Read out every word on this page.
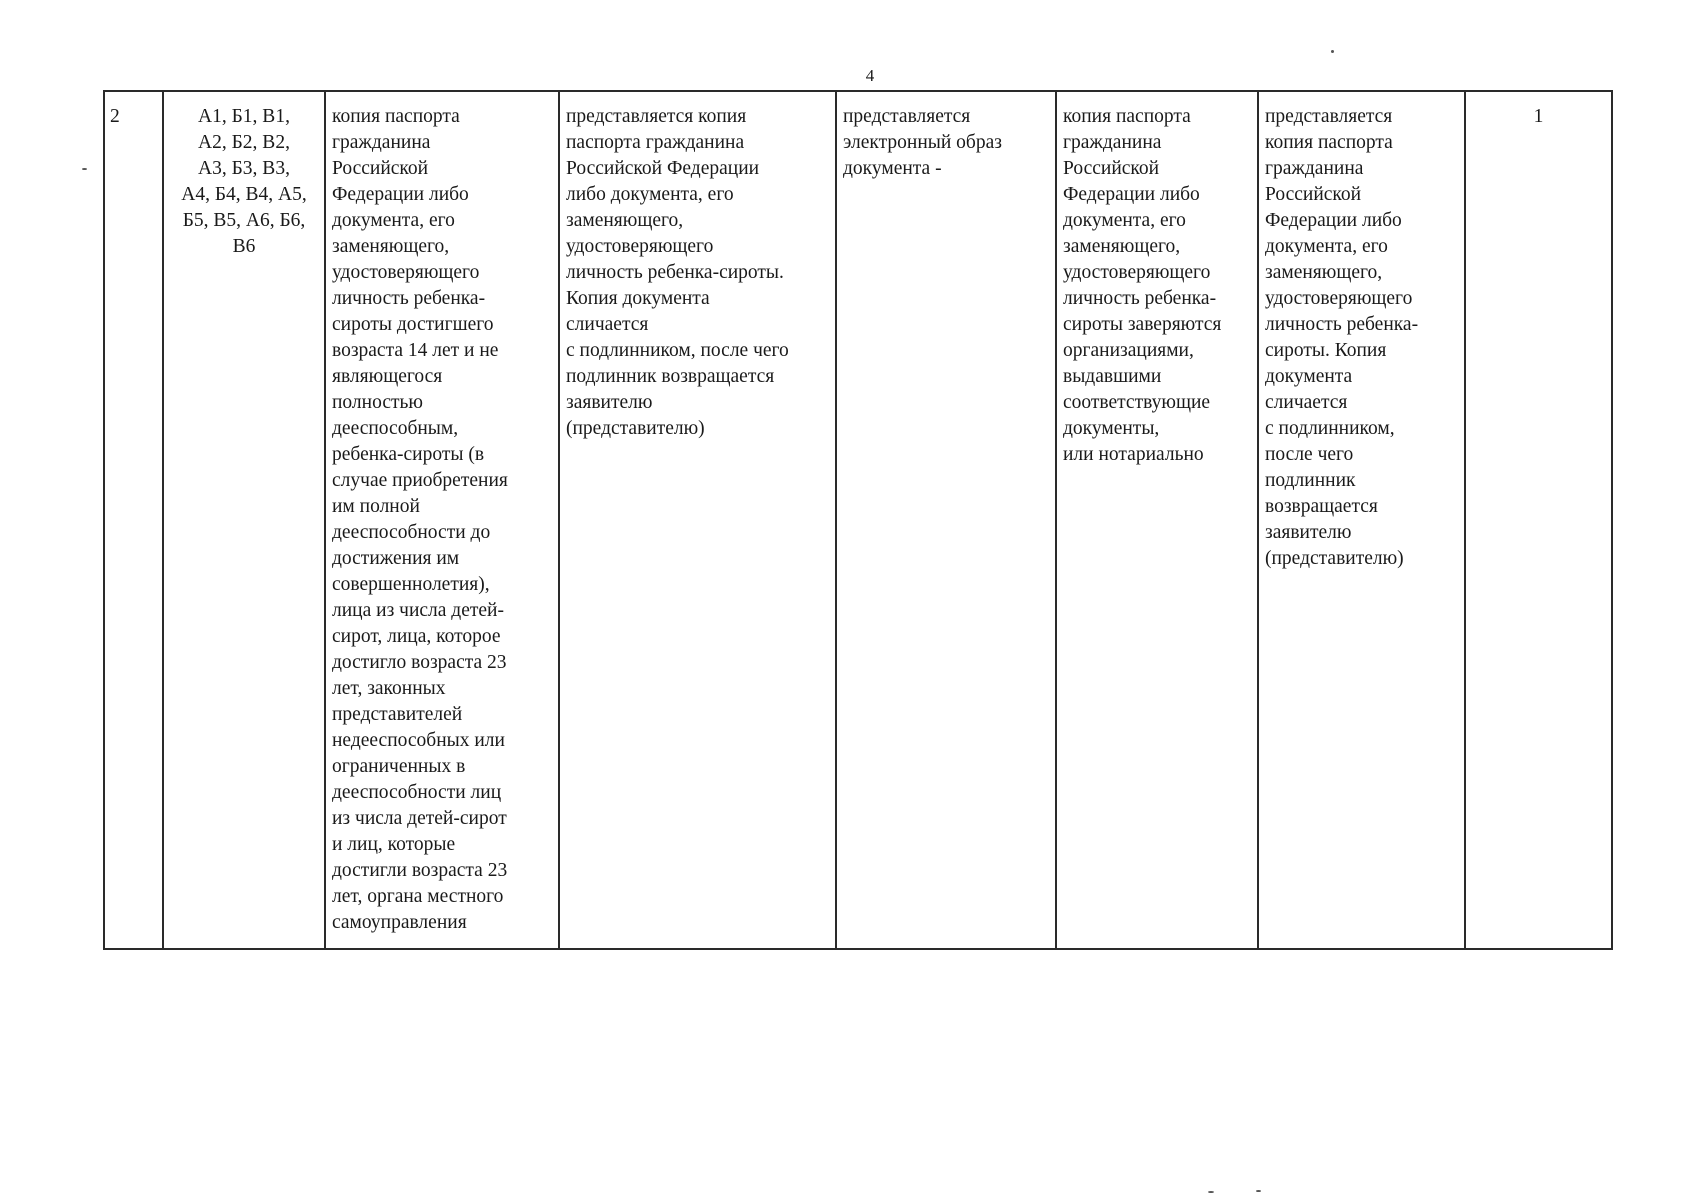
4
2	А1, Б1, В1,
А2, Б2, В2,
А3, Б3, В3,
А4, Б4, В4, А5,
Б5, В5, А6, Б6,
В6	копия паспорта
гражданина
Российской
Федерации либо
документа, его
заменяющего,
удостоверяющего
личность ребенка-
сироты достигшего
возраста 14 лет и не
являющегося
полностью
дееспособным,
ребенка-сироты (в
случае приобретения
им полной
дееспособности до
достижения им
совершеннолетия),
лица из числа детей-
сирот, лица, которое
достигло возраста 23
лет, законных
представителей
недееспособных или
ограниченных в
дееспособности лиц
из числа детей-сирот
и лиц, которые
достигли возраста 23
лет, органа местного
самоуправления	представляется копия
паспорта гражданина
Российской Федерации
либо документа, его
заменяющего,
удостоверяющего
личность ребенка-сироты.
Копия документа
сличается
с подлинником, после чего
подлинник возвращается
заявителю
(представителю)	представляется
электронный образ
документа -	копия паспорта
гражданина
Российской
Федерации либо
документа, его
заменяющего,
удостоверяющего
личность ребенка-
сироты заверяются
организациями,
выдавшими
соответствующие
документы,
или нотариально	представляется
копия паспорта
гражданина
Российской
Федерации либо
документа, его
заменяющего,
удостоверяющего
личность ребенка-
сироты. Копия
документа
сличается
с подлинником,
после чего
подлинник
возвращается
заявителю
(представителю)	1
